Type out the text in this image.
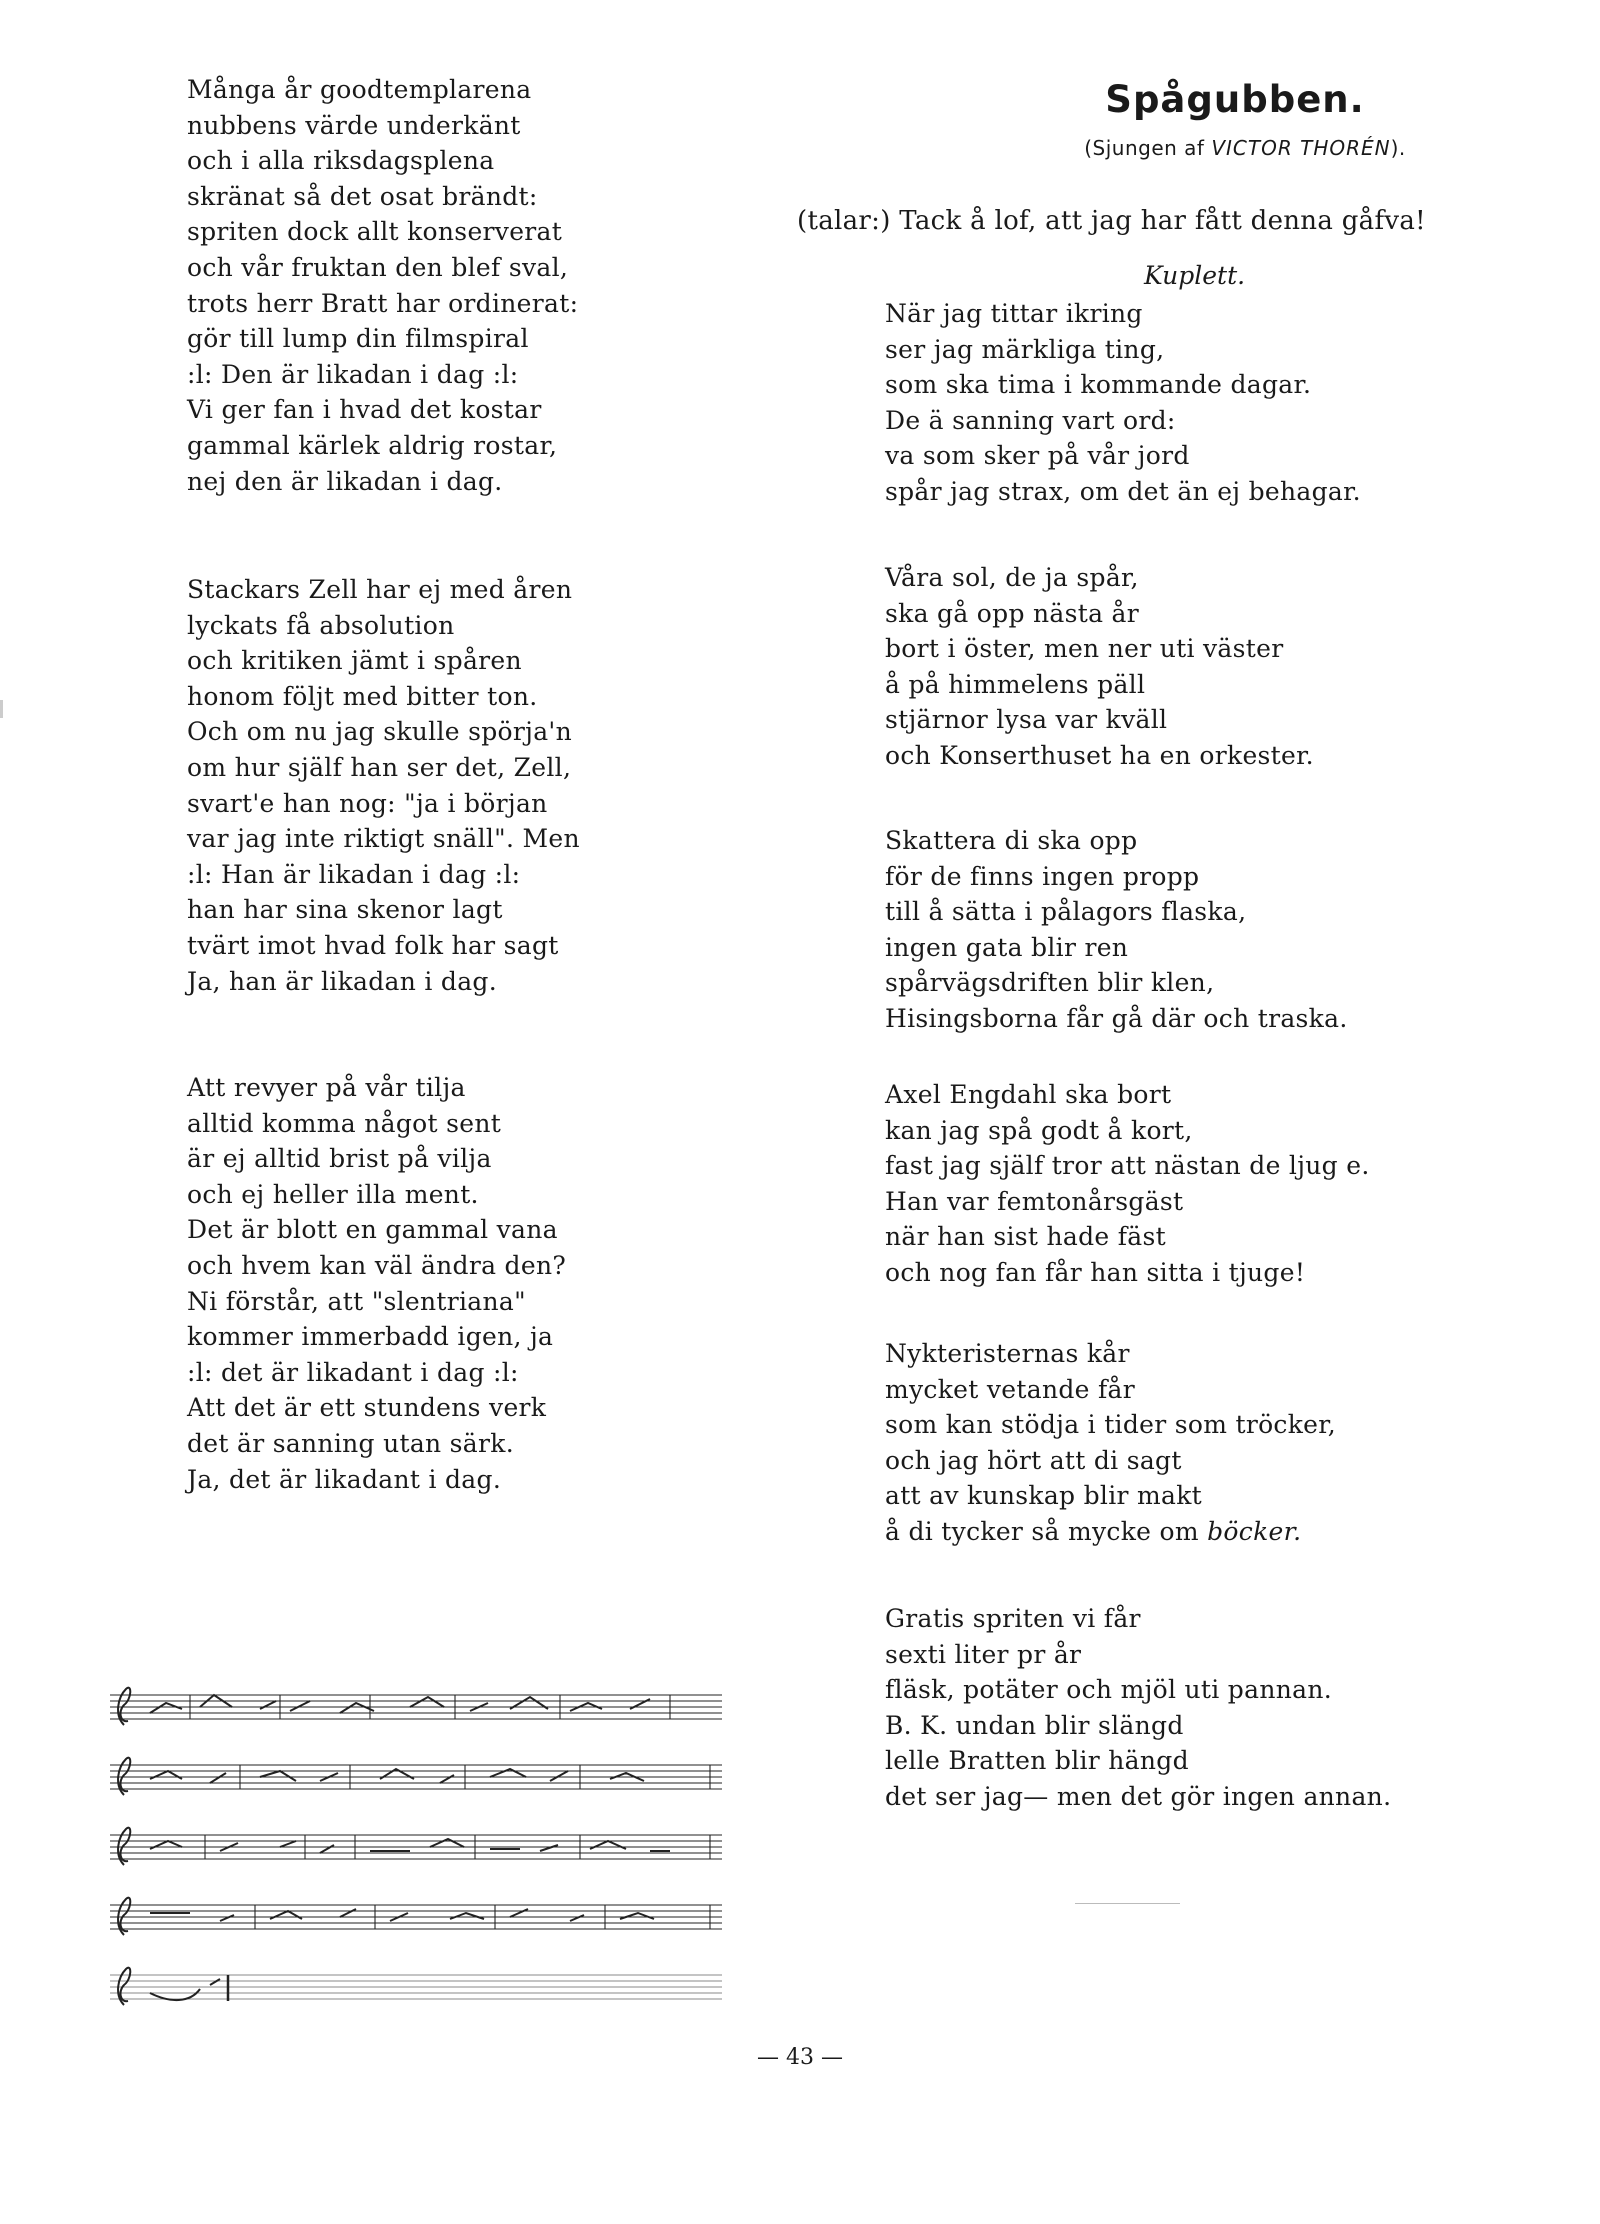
Många år goodtemplarena
nubbens värde underkänt
och i alla riksdagsplena
skränat så det osat brändt:
spriten dock allt konserverat
och vår fruktan den blef sval,
trots herr Bratt har ordinerat:
gör till lump din filmspiral
:l: Den är likadan i dag :l:
Vi ger fan i hvad det kostar
gammal kärlek aldrig rostar,
nej den är likadan i dag.
Stackars Zell har ej med åren
lyckats få absolution
och kritiken jämt i spåren
honom följt med bitter ton.
Och om nu jag skulle spörja'n
om hur själf han ser det, Zell,
svart'e han nog: "ja i början
var jag inte riktigt snäll". Men
:l: Han är likadan i dag :l:
han har sina skenor lagt
tvärt imot hvad folk har sagt
Ja, han är likadan i dag.
Att revyer på vår tilja
alltid komma något sent
är ej alltid brist på vilja
och ej heller illa ment.
Det är blott en gammal vana
och hvem kan väl ändra den?
Ni förstår, att "slentriana"
kommer immerbadd igen, ja
:l: det är likadant i dag :l:
Att det är ett stundens verk
det är sanning utan särk.
Ja, det är likadant i dag.
Spågubben.
(Sjungen af VICTOR THORÉN).
(talar:) Tack å lof, att jag har fått denna gåfva!
Kuplett.
När jag tittar ikring
ser jag märkliga ting,
som ska tima i kommande dagar.
De ä sanning vart ord:
va som sker på vår jord
spår jag strax, om det än ej behagar.
Våra sol, de ja spår,
ska gå opp nästa år
bort i öster, men ner uti väster
å på himmelens päll
stjärnor lysa var kväll
och Konserthuset ha en orkester.
Skattera di ska opp
för de finns ingen propp
till å sätta i pålagors flaska,
ingen gata blir ren
spårvägsdriften blir klen,
Hisingsborna får gå där och traska.
Axel Engdahl ska bort
kan jag spå godt å kort,
fast jag själf tror att nästan de ljug e.
Han var femtonårsgäst
när han sist hade fäst
och nog fan får han sitta i tjuge!
Nykteristernas kår
mycket vetande får
som kan stödja i tider som tröcker,
och jag hört att di sagt
att av kunskap blir makt
å di tycker så mycke om böcker.
Gratis spriten vi får
sexti liter pr år
fläsk, potäter och mjöl uti pannan.
B. K. undan blir slängd
lelle Bratten blir hängd
det ser jag— men det gör ingen annan.
— 43 —
